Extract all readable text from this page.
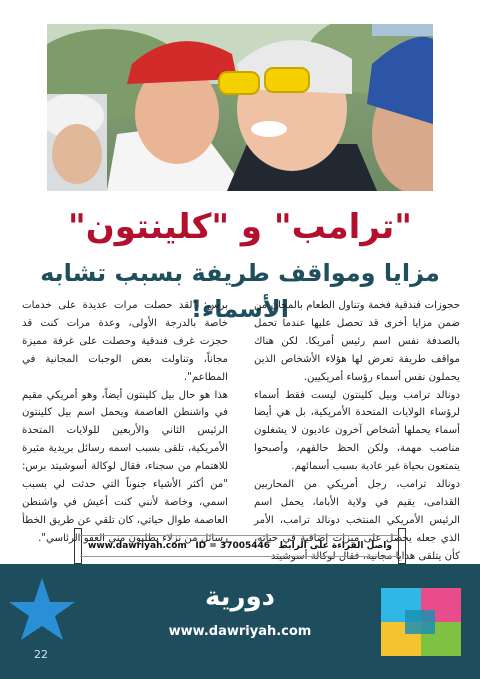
"ترامب" و "كلينتون"
مزايا ومواقف طريفة بسبب تشابه الأسماء!

حجوزات فندقية فخمة وتناول الطعام بالمجان من ضمن مزايا أخرى قد تحصل عليها عندما تحمل بالصدفة نفس اسم رئيس أمريكا. لكن هناك مواقف طريفة تعرض لها هؤلاء الأشخاص الذين يحملون نفس أسماء رؤساء أمريكيين.

دونالد ترامب وبيل كلينتون ليست فقط أسماء لرؤساء الولايات المتحدة الأمريكية، بل هي أيضا أسماء يحملها أشخاص آخرون عاديون لا يشغلون مناصب مهمة، ولكن الحظ حالفهم، وأصبحوا يتمتعون بحياة غير عادية بسبب أسمائهم.

دونالد ترامب، رجل أمريكي من المحاربين القدامى، يقيم في ولاية الأباما، يحمل اسم الرئيس الأمريكي المنتخب دونالد ترامب، الأمر الذي جعله يحصل على ميزات إضافية في حياته، كأن يتلقى هدايا مجانية، فقال لوكالة أسوشيتد

برس: "لقد حصلت مرات عديدة على خدمات خاصة بالدرجة الأولى، وعدة مرات كنت قد حجزت غرف فندقية وحصلت على غرفة مميزة مجاناً، وتناولت بعض الوجبات المجانية في المطاعم".

هذا هو حال بيل كلينتون أيضاً، وهو أمريكي مقيم في واشنطن العاصمة ويحمل اسم بيل كلينتون الرئيس الثاني والأربعين للولايات المتحدة الأمريكية، تلقى بسبب اسمه رسائل بريدية مثيرة للاهتمام من سجناء، فقال لوكالة أسوشيتد برس: "من أكثر الأشياء جنوناً التي حدثت لي بسبب اسمي، وخاصة لأنني كنت أعيش في واشنطن العاصمة طوال حياتي، كان تلقي عن طريق الخطأ رسائل من نزلاء يطلبون مني العفو الرئاسي".

www.dawriyah.com ID = 37005446 واصل القراءة على الرابط
دورية
www.dawriyah.com
22
